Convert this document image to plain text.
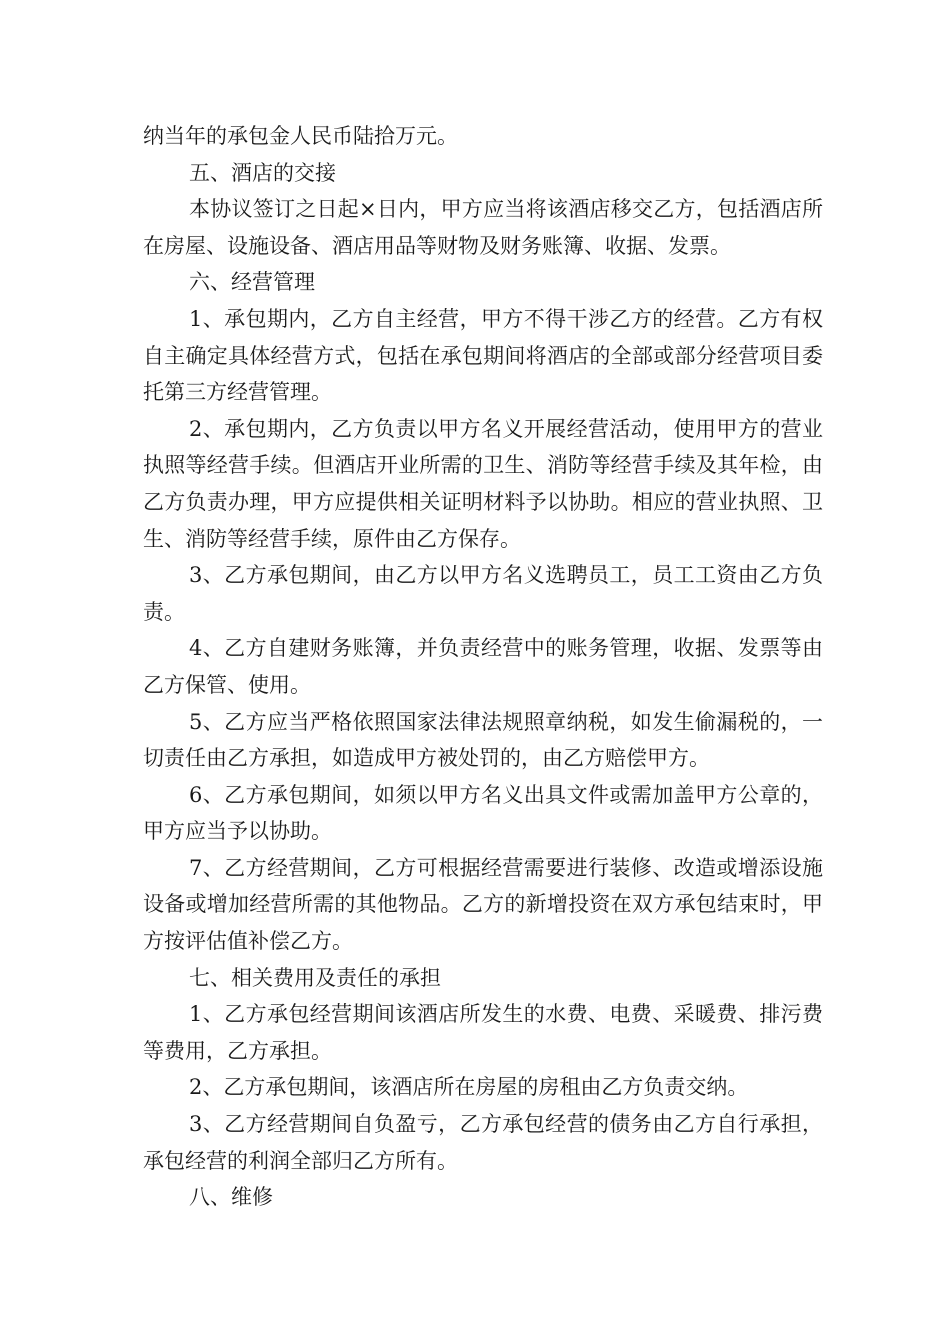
纳当年的承包金人民币陆拾万元。

五、酒店的交接

本协议签订之日起×日内，甲方应当将该酒店移交乙方，包括酒店所在房屋、设施设备、酒店用品等财物及财务账簿、收据、发票。

六、经营管理

1、承包期内，乙方自主经营，甲方不得干涉乙方的经营。乙方有权自主确定具体经营方式，包括在承包期间将酒店的全部或部分经营项目委托第三方经营管理。

2、承包期内，乙方负责以甲方名义开展经营活动，使用甲方的营业执照等经营手续。但酒店开业所需的卫生、消防等经营手续及其年检，由乙方负责办理，甲方应提供相关证明材料予以协助。相应的营业执照、卫生、消防等经营手续，原件由乙方保存。

3、乙方承包期间，由乙方以甲方名义选聘员工，员工工资由乙方负责。

4、乙方自建财务账簿，并负责经营中的账务管理，收据、发票等由乙方保管、使用。

5、乙方应当严格依照国家法律法规照章纳税，如发生偷漏税的，一切责任由乙方承担，如造成甲方被处罚的，由乙方赔偿甲方。

6、乙方承包期间，如须以甲方名义出具文件或需加盖甲方公章的，甲方应当予以协助。

7、乙方经营期间，乙方可根据经营需要进行装修、改造或增添设施设备或增加经营所需的其他物品。乙方的新增投资在双方承包结束时，甲方按评估值补偿乙方。

七、相关费用及责任的承担

1、乙方承包经营期间该酒店所发生的水费、电费、采暖费、排污费等费用，乙方承担。

2、乙方承包期间，该酒店所在房屋的房租由乙方负责交纳。

3、乙方经营期间自负盈亏，乙方承包经营的债务由乙方自行承担，承包经营的利润全部归乙方所有。

八、维修
